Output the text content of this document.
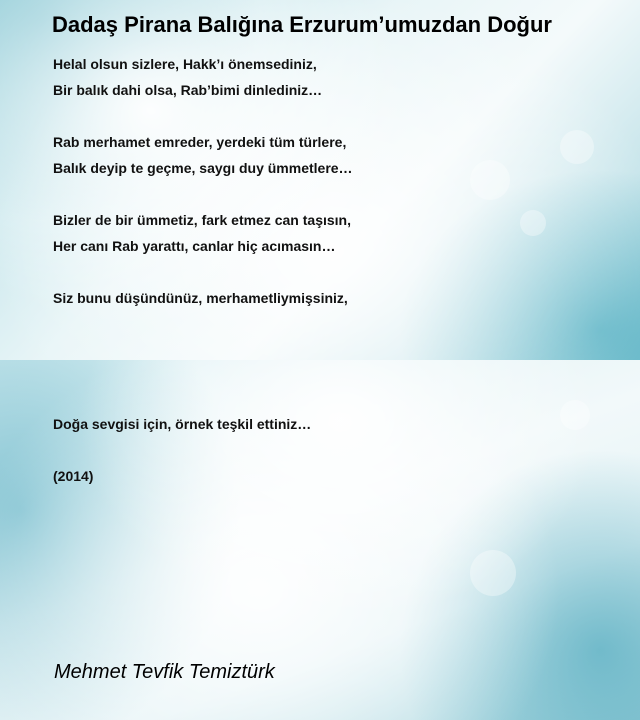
Dadaş Pirana Balığına Erzurum’umuzdan Doğur
Helal olsun sizlere, Hakk’ı önemsediniz,
Bir balık dahi olsa, Rab’bimi dinlediniz…
Rab merhamet emreder, yerdeki tüm türlere,
Balık deyip te geçme, saygı duy ümmetlere…
Bizler de bir ümmetiz, fark etmez can taşısın,
Her canı Rab yarattı, canlar hiç acımasın…
Siz bunu düşündünüz, merhametliymişsiniz,
Doğa sevgisi için, örnek teşkil ettiniz…
(2014)
Mehmet Tevfik Temiztürk
